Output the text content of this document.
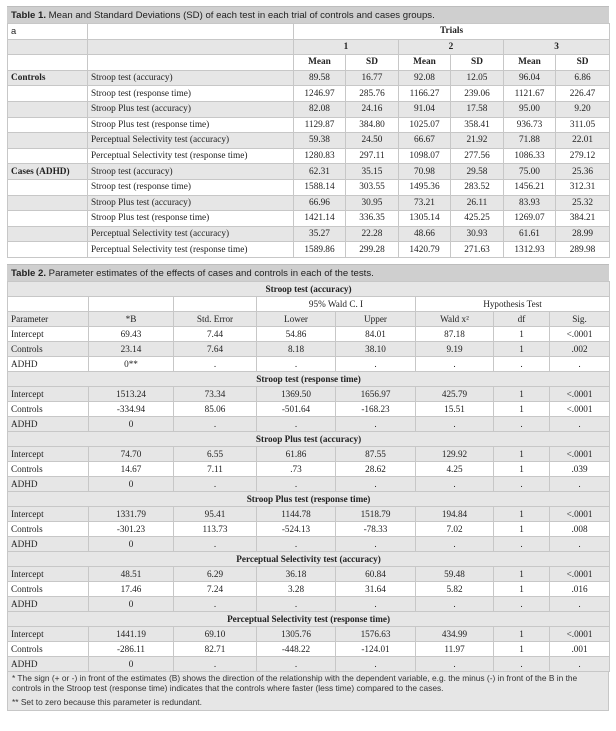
Table 1. Mean and Standard Deviations (SD) of each test in each trial of controls and cases groups.
a		Trials					
		1		2		3	
		Mean	SD	Mean	SD	Mean	SD
Controls	Stroop test (accuracy)	89.58	16.77	92.08	12.05	96.04	6.86
	Stroop test (response time)	1246.97	285.76	1166.27	239.06	1121.67	226.47
	Stroop Plus test (accuracy)	82.08	24.16	91.04	17.58	95.00	9.20
	Stroop Plus test (response time)	1129.87	384.80	1025.07	358.41	936.73	311.05
	Perceptual Selectivity test (accuracy)	59.38	24.50	66.67	21.92	71.88	22.01
	Perceptual Selectivity test (response time)	1280.83	297.11	1098.07	277.56	1086.33	279.12
Cases (ADHD)	Stroop test (accuracy)	62.31	35.15	70.98	29.58	75.00	25.36
	Stroop test (response time)	1588.14	303.55	1495.36	283.52	1456.21	312.31
	Stroop Plus test (accuracy)	66.96	30.95	73.21	26.11	83.93	25.32
	Stroop Plus test (response time)	1421.14	336.35	1305.14	425.25	1269.07	384.21
	Perceptual Selectivity test (accuracy)	35.27	22.28	48.66	30.93	61.61	28.99
	Perceptual Selectivity test (response time)	1589.86	299.28	1420.79	271.63	1312.93	289.98
Table 2. Parameter estimates of the effects of cases and controls in each of the tests.
Stroop test (accuracy)							
			95% Wald C. I		Hypothesis Test		
Parameter	*B	Std. Error	Lower	Upper	Wald x²	df	Sig.
Intercept	69.43	7.44	54.86	84.01	87.18	1	<.0001
Controls	23.14	7.64	8.18	38.10	9.19	1	.002
ADHD	0**	.	.	.	.	.	.
Stroop test (response time)							
Intercept	1513.24	73.34	1369.50	1656.97	425.79	1	<.0001
Controls	-334.94	85.06	-501.64	-168.23	15.51	1	<.0001
ADHD	0	.	.	.	.	.	.
Stroop Plus test (accuracy)							
Intercept	74.70	6.55	61.86	87.55	129.92	1	<.0001
Controls	14.67	7.11	.73	28.62	4.25	1	.039
ADHD	0	.	.	.	.	.	.
Stroop Plus test (response time)							
Intercept	1331.79	95.41	1144.78	1518.79	194.84	1	<.0001
Controls	-301.23	113.73	-524.13	-78.33	7.02	1	.008
ADHD	0	.	.	.	.	.	.
Perceptual Selectivity test (accuracy)							
Intercept	48.51	6.29	36.18	60.84	59.48	1	<.0001
Controls	17.46	7.24	3.28	31.64	5.82	1	.016
ADHD	0	.	.	.	.	.	.
Perceptual Selectivity test (response time)							
Intercept	1441.19	69.10	1305.76	1576.63	434.99	1	<.0001
Controls	-286.11	82.71	-448.22	-124.01	11.97	1	.001
ADHD	0	.	.	.	.	.	.

* The sign (+ or -) in front of the estimates (B) shows the direction of the relationship with the dependent variable, e.g. the minus (-) in front of the B in the controls in the Stroop test (response time) indicates that the controls where faster (less time) compared to the cases.

** Set to zero because this parameter is redundant.
